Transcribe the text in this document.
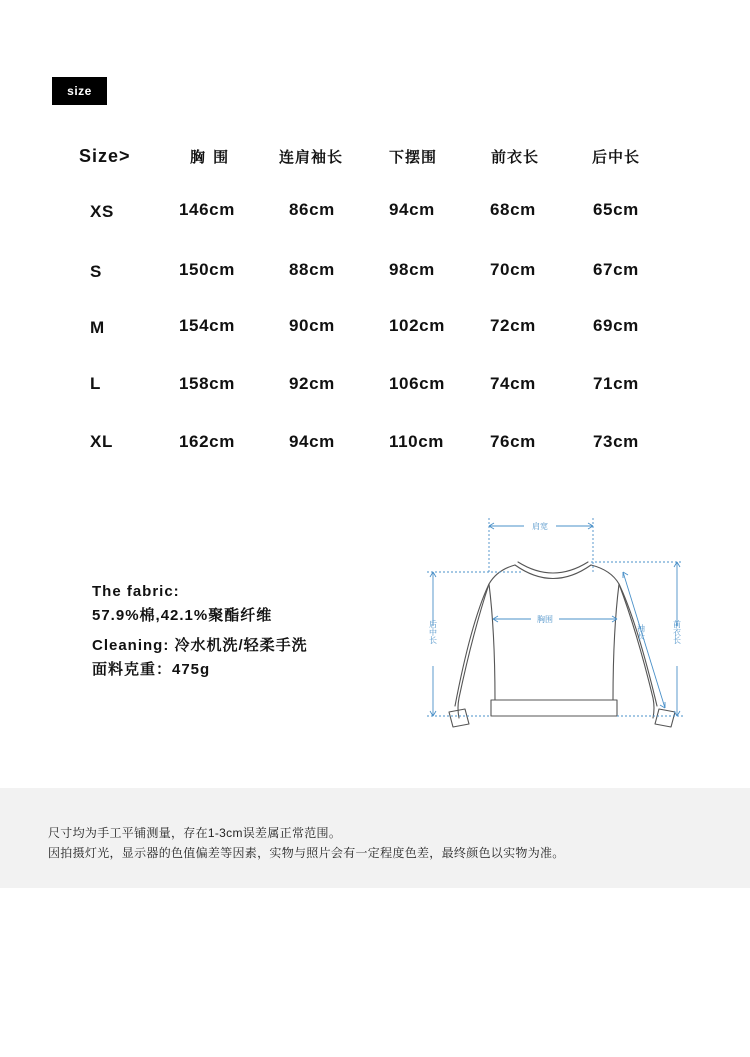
size
Size>	胸 围	连肩袖长	下摆围	前衣长	后中长
XS	146cm	86cm	94cm	68cm	65cm
S	150cm	88cm	98cm	70cm	67cm
M	154cm	90cm	102cm	72cm	69cm
L	158cm	92cm	106cm	74cm	71cm
XL	162cm	94cm	110cm	76cm	73cm
The fabric:
57.9%棉,42.1%聚酯纤维
Cleaning: 冷水机洗/轻柔手洗
面料克重：475g
肩宽
胸围
后中长	袖长	前衣长
尺寸均为手工平铺测量，存在1-3cm误差属正常范围。
因拍摄灯光，显示器的色值偏差等因素，实物与照片会有一定程度色差，最终颜色以实物为准。
